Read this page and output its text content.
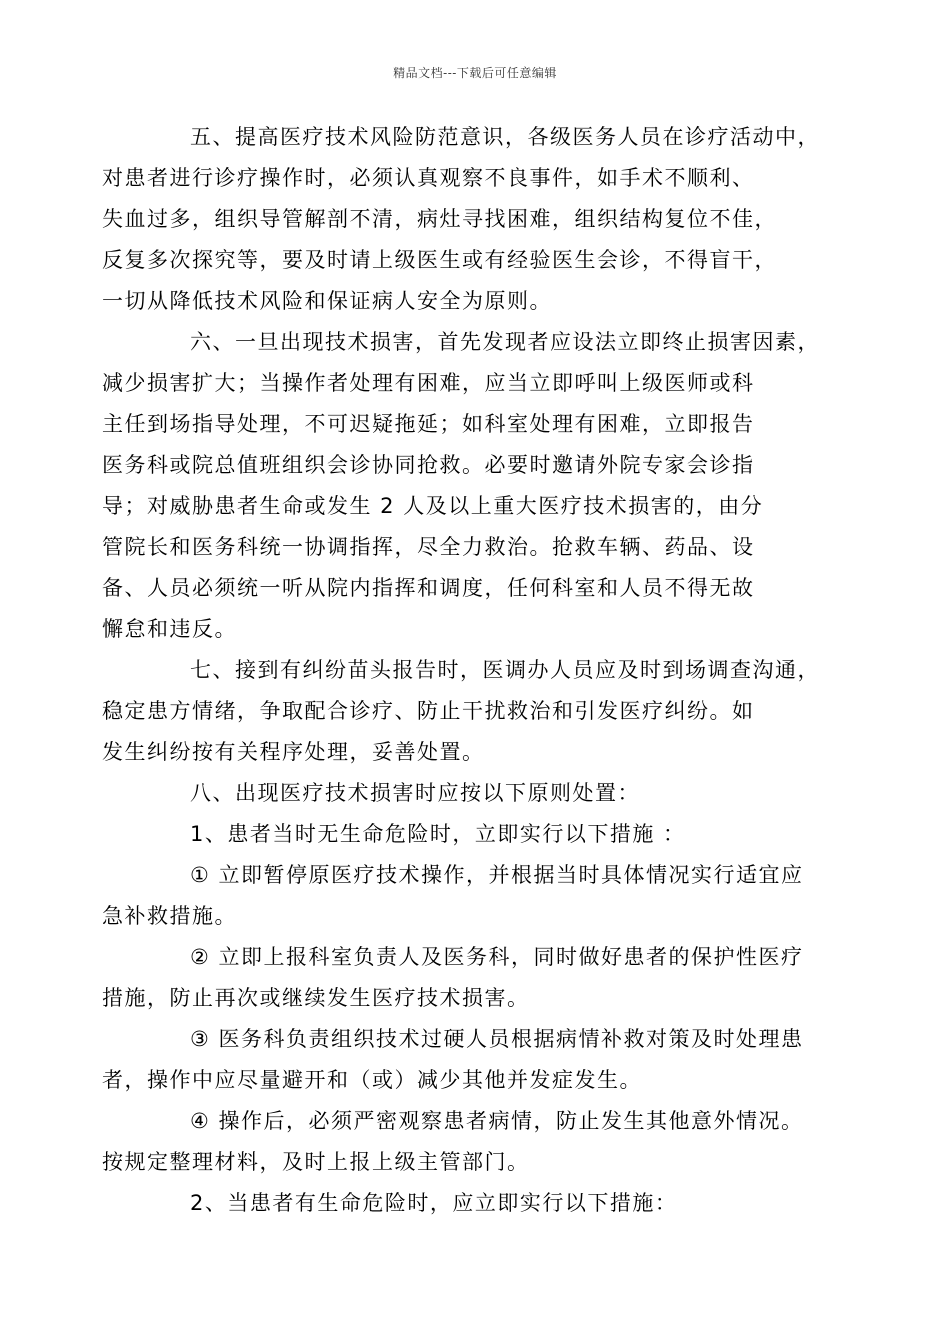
精品文档---下载后可任意编辑

五、提高医疗技术风险防范意识，各级医务人员在诊疗活动中，
对患者进行诊疗操作时，必须认真观察不良事件，如手术不顺利、
失血过多，组织导管解剖不清，病灶寻找困难，组织结构复位不佳，
反复多次探究等，要及时请上级医生或有经验医生会诊，不得盲干，
一切从降低技术风险和保证病人安全为原则。

六、一旦出现技术损害，首先发现者应设法立即终止损害因素，
减少损害扩大；当操作者处理有困难，应当立即呼叫上级医师或科
主任到场指导处理，不可迟疑拖延；如科室处理有困难，立即报告
医务科或院总值班组织会诊协同抢救。必要时邀请外院专家会诊指
导；对威胁患者生命或发生 2 人及以上重大医疗技术损害的，由分
管院长和医务科统一协调指挥，尽全力救治。抢救车辆、药品、设
备、人员必须统一听从院内指挥和调度，任何科室和人员不得无故
懈怠和违反。

七、接到有纠纷苗头报告时，医调办人员应及时到场调查沟通，
稳定患方情绪，争取配合诊疗、防止干扰救治和引发医疗纠纷。如
发生纠纷按有关程序处理，妥善处置。

八、出现医疗技术损害时应按以下原则处置：

1、患者当时无生命危险时，立即实行以下措施 ：

① 立即暂停原医疗技术操作，并根据当时具体情况实行适宜应
急补救措施。

② 立即上报科室负责人及医务科，同时做好患者的保护性医疗
措施，防止再次或继续发生医疗技术损害。

③ 医务科负责组织技术过硬人员根据病情补救对策及时处理患
者，操作中应尽量避开和（或）减少其他并发症发生。

④ 操作后，必须严密观察患者病情，防止发生其他意外情况。
按规定整理材料，及时上报上级主管部门。

2、当患者有生命危险时，应立即实行以下措施：
